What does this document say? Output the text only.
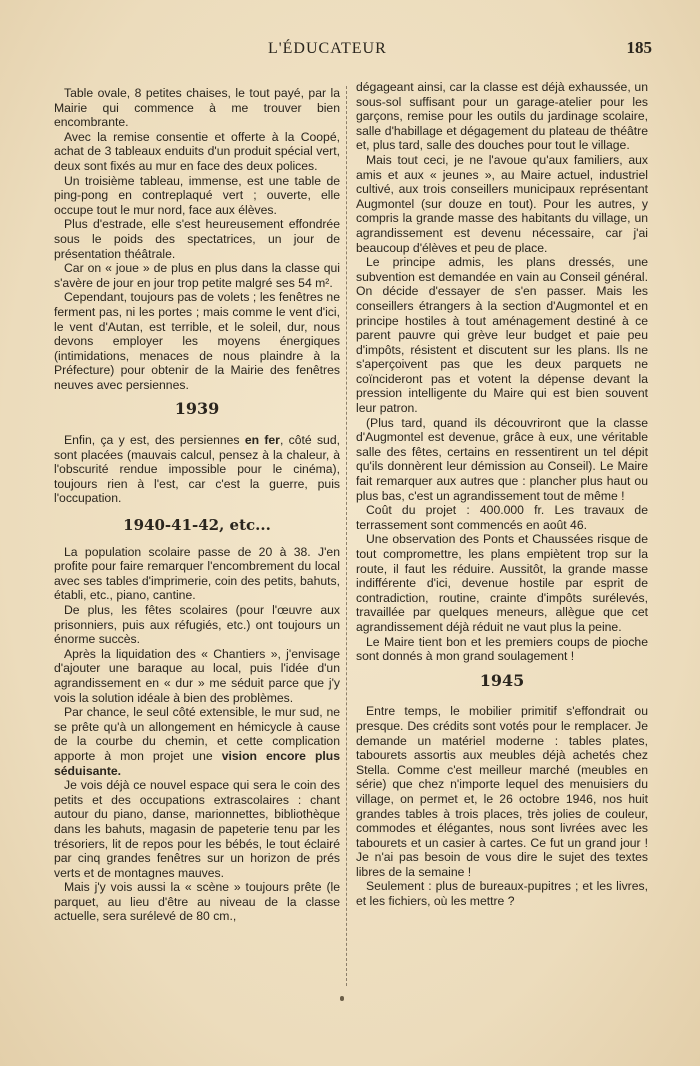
L'ÉDUCATEUR	185

Table ovale, 8 petites chaises, le tout payé, par la Mairie qui commence à me trouver bien encombrante.

Avec la remise consentie et offerte à la Coopé, achat de 3 tableaux enduits d'un produit spécial vert, deux sont fixés au mur en face des deux polices.

Un troisième tableau, immense, est une table de ping-pong en contreplaqué vert ; ouverte, elle occupe tout le mur nord, face aux élèves.

Plus d'estrade, elle s'est heureusement effondrée sous le poids des spectatrices, un jour de présentation théâtrale.

Car on « joue » de plus en plus dans la classe qui s'avère de jour en jour trop petite malgré ses 54 m².

Cependant, toujours pas de volets ; les fenêtres ne ferment pas, ni les portes ; mais comme le vent d'ici, le vent d'Autan, est terrible, et le soleil, dur, nous devons employer les moyens énergiques (intimidations, menaces de nous plaindre à la Préfecture) pour obtenir de la Mairie des fenêtres neuves avec persiennes.

1939

Enfin, ça y est, des persiennes en fer, côté sud, sont placées (mauvais calcul, pensez à la chaleur, à l'obscurité rendue impossible pour le cinéma), toujours rien à l'est, car c'est la guerre, puis l'occupation.

1940-41-42, etc...

La population scolaire passe de 20 à 38. J'en profite pour faire remarquer l'encombrement du local avec ses tables d'imprimerie, coin des petits, bahuts, établi, etc., piano, cantine.

De plus, les fêtes scolaires (pour l'œuvre aux prisonniers, puis aux réfugiés, etc.) ont toujours un énorme succès.

Après la liquidation des « Chantiers », j'envisage d'ajouter une baraque au local, puis l'idée d'un agrandissement en « dur » me séduit parce que j'y vois la solution idéale à bien des problèmes.

Par chance, le seul côté extensible, le mur sud, ne se prête qu'à un allongement en hémicycle à cause de la courbe du chemin, et cette complication apporte à mon projet une vision encore plus séduisante.

Je vois déjà ce nouvel espace qui sera le coin des petits et des occupations extrascolaires : chant autour du piano, danse, marionnettes, bibliothèque dans les bahuts, magasin de papeterie tenu par les trésoriers, lit de repos pour les bébés, le tout éclairé par cinq grandes fenêtres sur un horizon de prés verts et de montagnes mauves.

Mais j'y vois aussi la « scène » toujours prête (le parquet, au lieu d'être au niveau de la classe actuelle, sera surélevé de 80 cm.,

dégageant ainsi, car la classe est déjà exhaussée, un sous-sol suffisant pour un garage-atelier pour les garçons, remise pour les outils du jardinage scolaire, salle d'habillage et dégagement du plateau de théâtre et, plus tard, salle des douches pour tout le village.

Mais tout ceci, je ne l'avoue qu'aux familiers, aux amis et aux « jeunes », au Maire actuel, industriel cultivé, aux trois conseillers municipaux représentant Augmontel (sur douze en tout). Pour les autres, y compris la grande masse des habitants du village, un agrandissement est devenu nécessaire, car j'ai beaucoup d'élèves et peu de place.

Le principe admis, les plans dressés, une subvention est demandée en vain au Conseil général. On décide d'essayer de s'en passer. Mais les conseillers étrangers à la section d'Augmontel et en principe hostiles à tout aménagement destiné à ce parent pauvre qui grève leur budget et paie peu d'impôts, résistent et discutent sur les plans. Ils ne s'aperçoivent pas que les deux parquets ne coïncideront pas et votent la dépense devant la pression intelligente du Maire qui est bien souvent leur patron.

(Plus tard, quand ils découvriront que la classe d'Augmontel est devenue, grâce à eux, une véritable salle des fêtes, certains en ressentirent un tel dépit qu'ils donnèrent leur démission au Conseil). Le Maire fait remarquer aux autres que : plancher plus haut ou plus bas, c'est un agrandissement tout de même !

Coût du projet : 400.000 fr. Les travaux de terrassement sont commencés en août 46.

Une observation des Ponts et Chaussées risque de tout compromettre, les plans empiètent trop sur la route, il faut les réduire. Aussitôt, la grande masse indifférente d'ici, devenue hostile par esprit de contradiction, routine, crainte d'impôts surélevés, travaillée par quelques meneurs, allègue que cet agrandissement déjà réduit ne vaut plus la peine.

Le Maire tient bon et les premiers coups de pioche sont donnés à mon grand soulagement !

1945

Entre temps, le mobilier primitif s'effondrait ou presque. Des crédits sont votés pour le remplacer. Je demande un matériel moderne : tables plates, tabourets assortis aux meubles déjà achetés chez Stella. Comme c'est meilleur marché (meubles en série) que chez n'importe lequel des menuisiers du village, on permet et, le 26 octobre 1946, nos huit grandes tables à trois places, très jolies de couleur, commodes et élégantes, nous sont livrées avec les tabourets et un casier à cartes. Ce fut un grand jour ! Je n'ai pas besoin de vous dire le sujet des textes libres de la semaine !

Seulement : plus de bureaux-pupitres ; et les livres, et les fichiers, où les mettre ?
